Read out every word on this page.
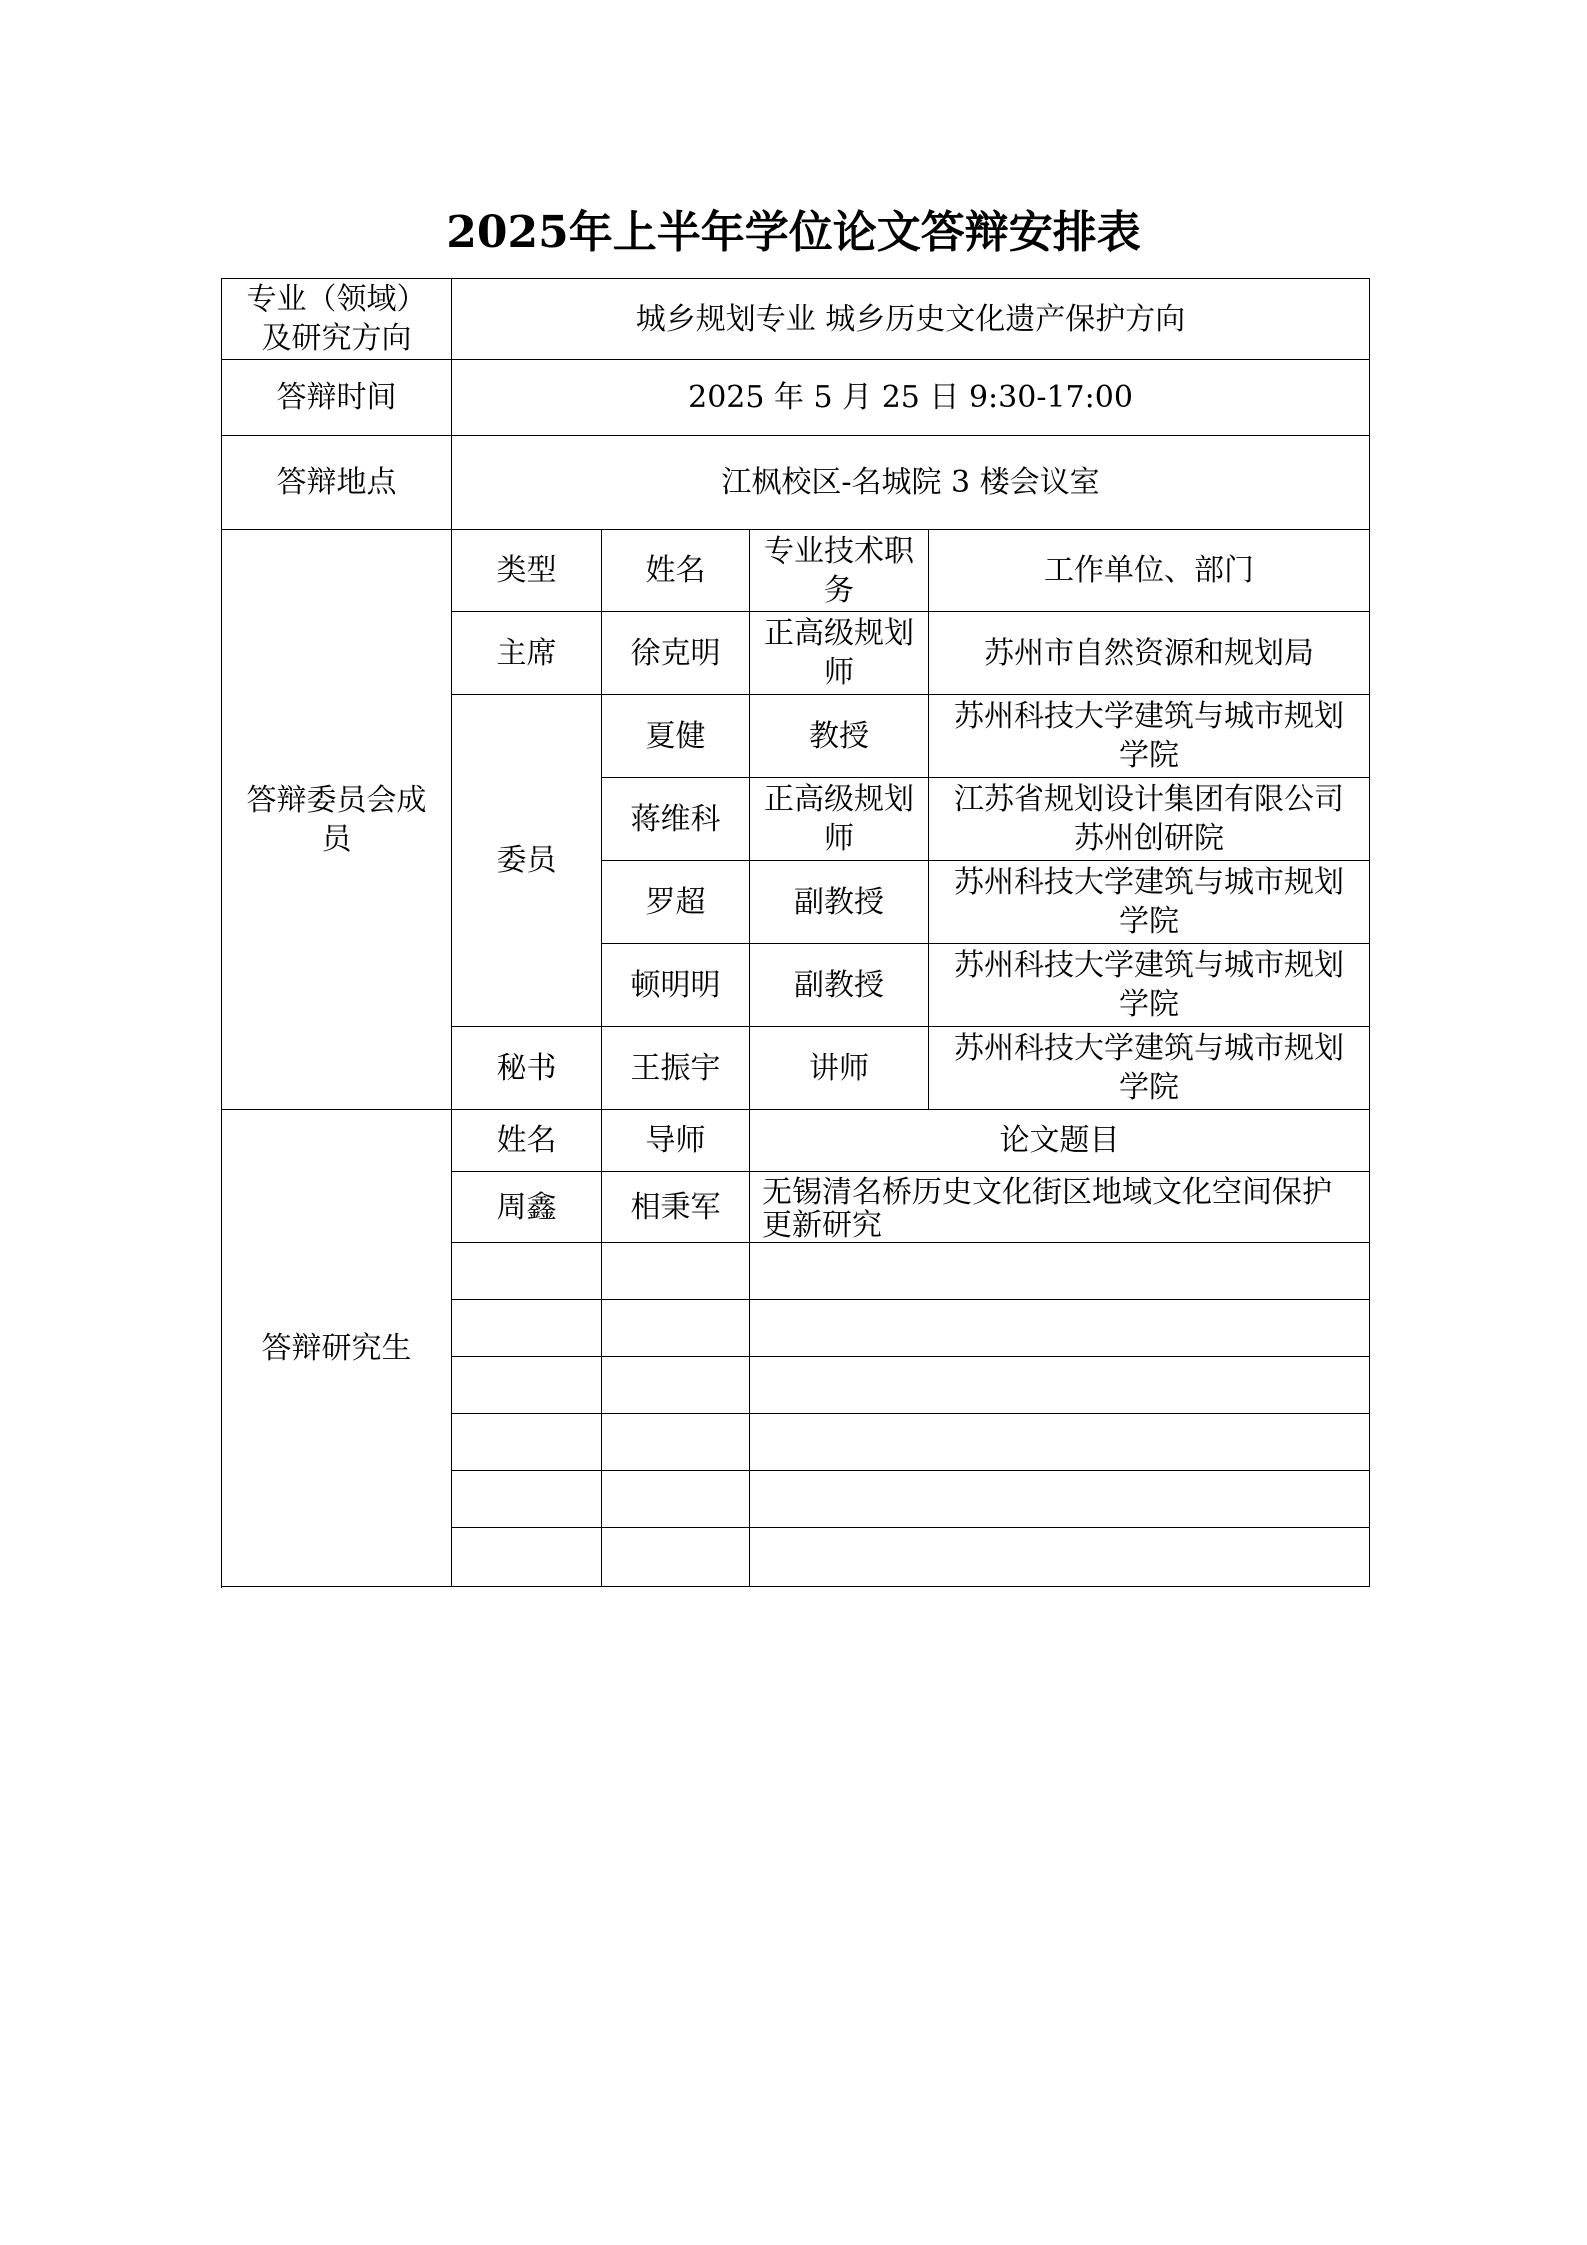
2025年上半年学位论文答辩安排表
专业（领域）及研究方向	城乡规划专业 城乡历史文化遗产保护方向			
答辩时间	2025 年 5 月 25 日 9:30-17:00			
答辩地点	江枫校区-名城院 3 楼会议室			
答辩委员会成员	类型	姓名	专业技术职务	工作单位、部门
	主席	徐克明	正高级规划师	苏州市自然资源和规划局
	委员	夏健	教授	苏州科技大学建筑与城市规划学院
		蒋维科	正高级规划师	江苏省规划设计集团有限公司苏州创研院
		罗超	副教授	苏州科技大学建筑与城市规划学院
		顿明明	副教授	苏州科技大学建筑与城市规划学院
	秘书	王振宇	讲师	苏州科技大学建筑与城市规划学院

答辩研究生	姓名	导师	论文题目	
	周鑫	相秉军	无锡清名桥历史文化街区地域文化空间保护更新研究	
